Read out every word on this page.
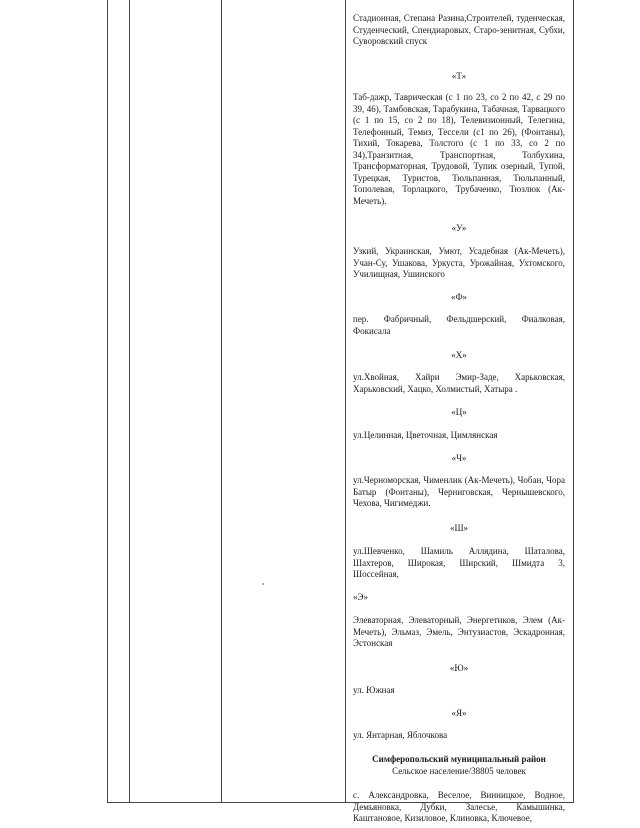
Стадионная, Степана Разина,Строителей, туденческая, Студенческий, Спендиаровых, Старо-зенитная, Субхи, Суворовский спуск

«Т»

Таб-дажр, Таврическая (с 1 по 23, со 2 по 42, с 29 по 39, 46), Тамбовская, Тарабукина, Табачная, Тарвацкого (с 1 по 15, со 2 по 18), Телевизионный, Телегина, Телефонный, Темиз, Тессели (с1 по 26), (Фонтаны), Тихий, Токарева, Толстого (с 1 по 33, со 2 по 34),Транзитная, Транспортная, Толбухина, Трансформаторная, Трудовой, Тупик озерный, Тупой, Турецкая, Туристов, Тюльпанная, Тюльпанный, Тополевая, Торлацкого, Трубаченко, Тюзлюк (Ак- Мечеть).

«У»

Узкий, Украинская, Умют, Усадебная (Ак-Мечеть), Учан-Су, Ушакова, Уркуста, Урожайная, Ухтомского, Училищная, Ушинского

«Ф»

пер. Фабричный, Фельдшерский, Фиалковая, Фокисала

«Х»

ул.Хвойная, Хайри Эмир-Заде, Харьковская, Харьковский, Хацко, Холмистый, Хатыра .

«Ц»

ул.Целинная, Цветочная, Цимлянская

«Ч»

ул.Черноморская, Чименлик (Ак-Мечеть), Чобан, Чора Батыр (Фонтаны), Черниговская, Чернышевского, Чехова, Чигимеджи.

«Ш»

ул.Шевченко, Шамиль Аллядина, Шаталова, Шахтеров, Широкая, Ширский, Шмидта 3, Шоссейная,

«Э»

Элеваторная, Элеваторный, Энергетиков, Элем (Ак-Мечеть), Эльмаз, Эмель, Энтузиастов, Эскадронная, Эстонская

«Ю»

ул. Южная

«Я»

ул. Янтарная, Яблочкова

Симферопольский муниципальный район

Сельское население/38805 человек

с. Александровка, Веселое, Винницкое, Водное, Демьяновка, Дубки, Залесье, Камышинка, Каштановое, Кизиловое, Клиновка, Ключевое,
